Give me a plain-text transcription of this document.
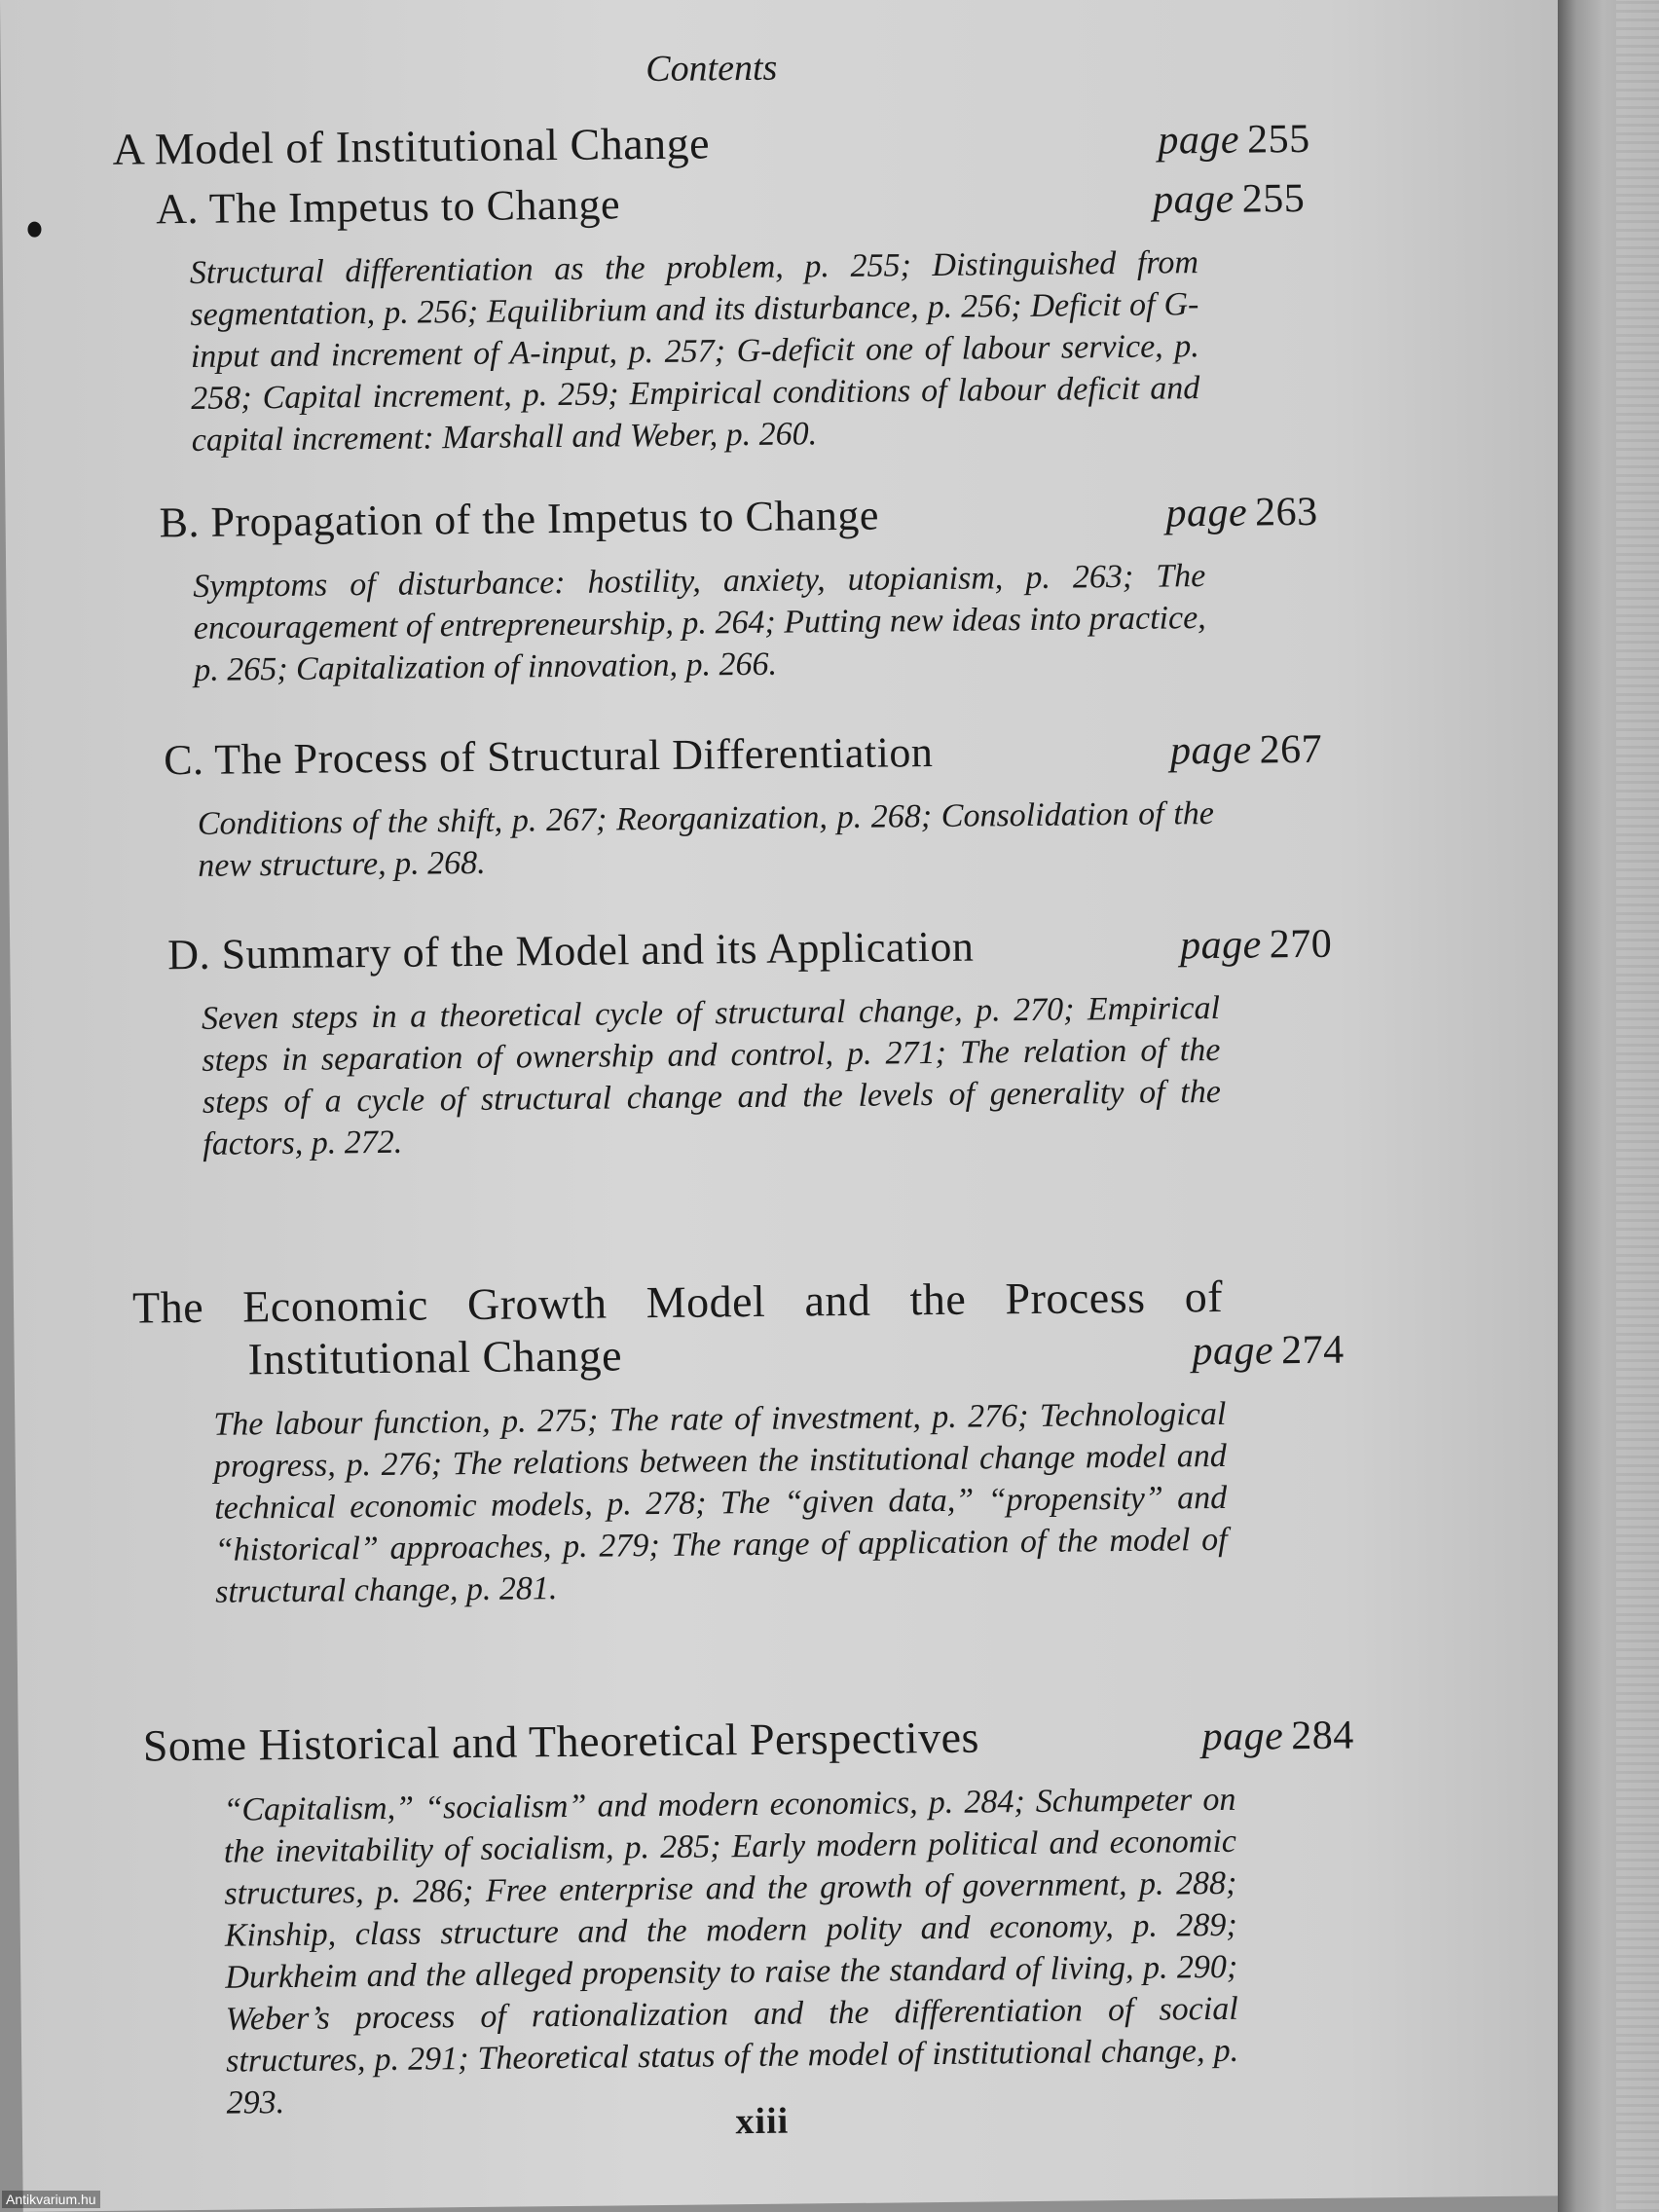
Contents
A Model of Institutional Change	page 255
A. The Impetus to Change	page 255
Structural differentiation as the problem, p. 255; Distinguished from segmentation, p. 256; Equilibrium and its disturbance, p. 256; Deficit of G-input and increment of A-input, p. 257; G-deficit one of labour service, p. 258; Capital increment, p. 259; Empirical conditions of labour deficit and capital increment: Marshall and Weber, p. 260.
B. Propagation of the Impetus to Change	page 263
Symptoms of disturbance: hostility, anxiety, utopianism, p. 263; The encouragement of entrepreneurship, p. 264; Putting new ideas into practice, p. 265; Capitalization of innovation, p. 266.
C. The Process of Structural Differentiation	page 267
Conditions of the shift, p. 267; Reorganization, p. 268; Consolidation of the new structure, p. 268.
D. Summary of the Model and its Application	page 270
Seven steps in a theoretical cycle of structural change, p. 270; Empirical steps in separation of ownership and control, p. 271; The relation of the steps of a cycle of structural change and the levels of generality of the factors, p. 272.
The Economic Growth Model and the Process of
Institutional Change	page 274
The labour function, p. 275; The rate of investment, p. 276; Technological progress, p. 276; The relations between the institutional change model and technical economic models, p. 278; The “given data,” “propensity” and “historical” approaches, p. 279; The range of application of the model of structural change, p. 281.
Some Historical and Theoretical Perspectives	page 284
“Capitalism,” “socialism” and modern economics, p. 284; Schumpeter on the inevitability of socialism, p. 285; Early modern political and economic structures, p. 286; Free enterprise and the growth of government, p. 288; Kinship, class structure and the modern polity and economy, p. 289; Durkheim and the alleged propensity to raise the standard of living, p. 290; Weber’s process of rationalization and the differentiation of social structures, p. 291; Theoretical status of the model of institutional change, p. 293.	xiii
Antikvarium.hu
